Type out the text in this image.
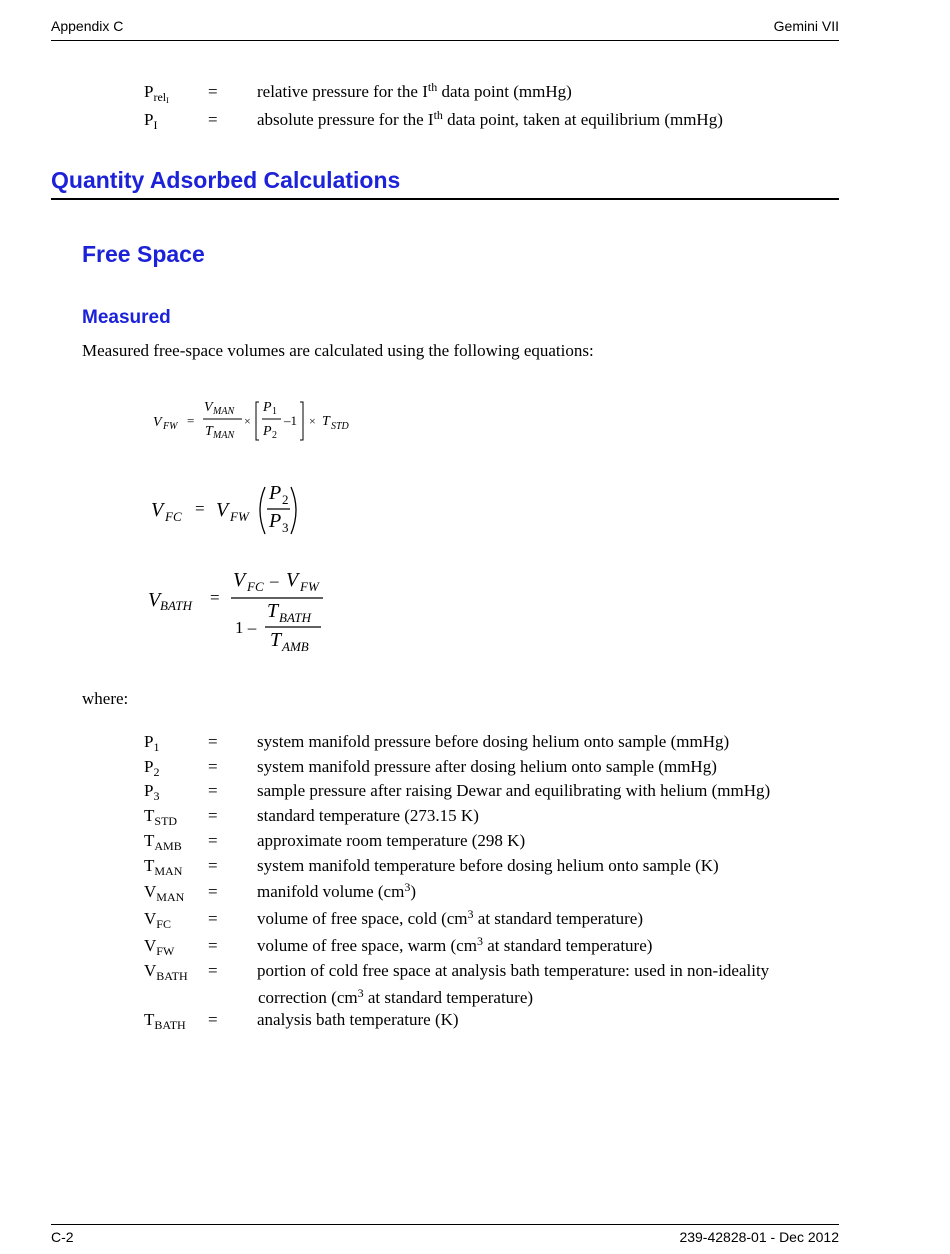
Appendix C	Gemini VII
$P_{relI}$ = relative pressure for the Ith data point (mmHg)
$P_I$	= absolute pressure for the Ith data point, taken at equilibrium (mmHg)
Quantity Adsorbed Calculations
Free Space
Measured
Measured free-space volumes are calculated using the following equations:
V FW =
V MAN
T MAN
×
P 1
P 2
–1 × T STD
V FC = V FW
P 2
P 3
V BATH =
V FC – V FW
1 –
T BATH
T AMB
where:
$P_1$	= system manifold pressure before dosing helium onto sample (mmHg)
$P_2$	= system manifold pressure after dosing helium onto sample (mmHg)
$P_3$	= sample pressure after raising Dewar and equilibrating with helium (mmHg)
$T_{STD}$ = standard temperature (273.15 K)
$T_{AMB}$ = approximate room temperature (298 K)
$T_{MAN}$ = system manifold temperature before dosing helium onto sample (K)
$V_{MAN}$ = manifold volume $(cm^3)$
$V_{FC}$ = volume of free space, cold ($cm^3$ at standard temperature)
$V_{FW}$ = volume of free space, warm ($cm^3$ at standard temperature)
$V_{BATH}$ = portion of cold free space at analysis bath temperature: used in non-ideality
correction ($cm^3$ at standard temperature)
$T_{BATH}$ = analysis bath temperature (K)
C-2	239-42828-01 - Dec 2012
